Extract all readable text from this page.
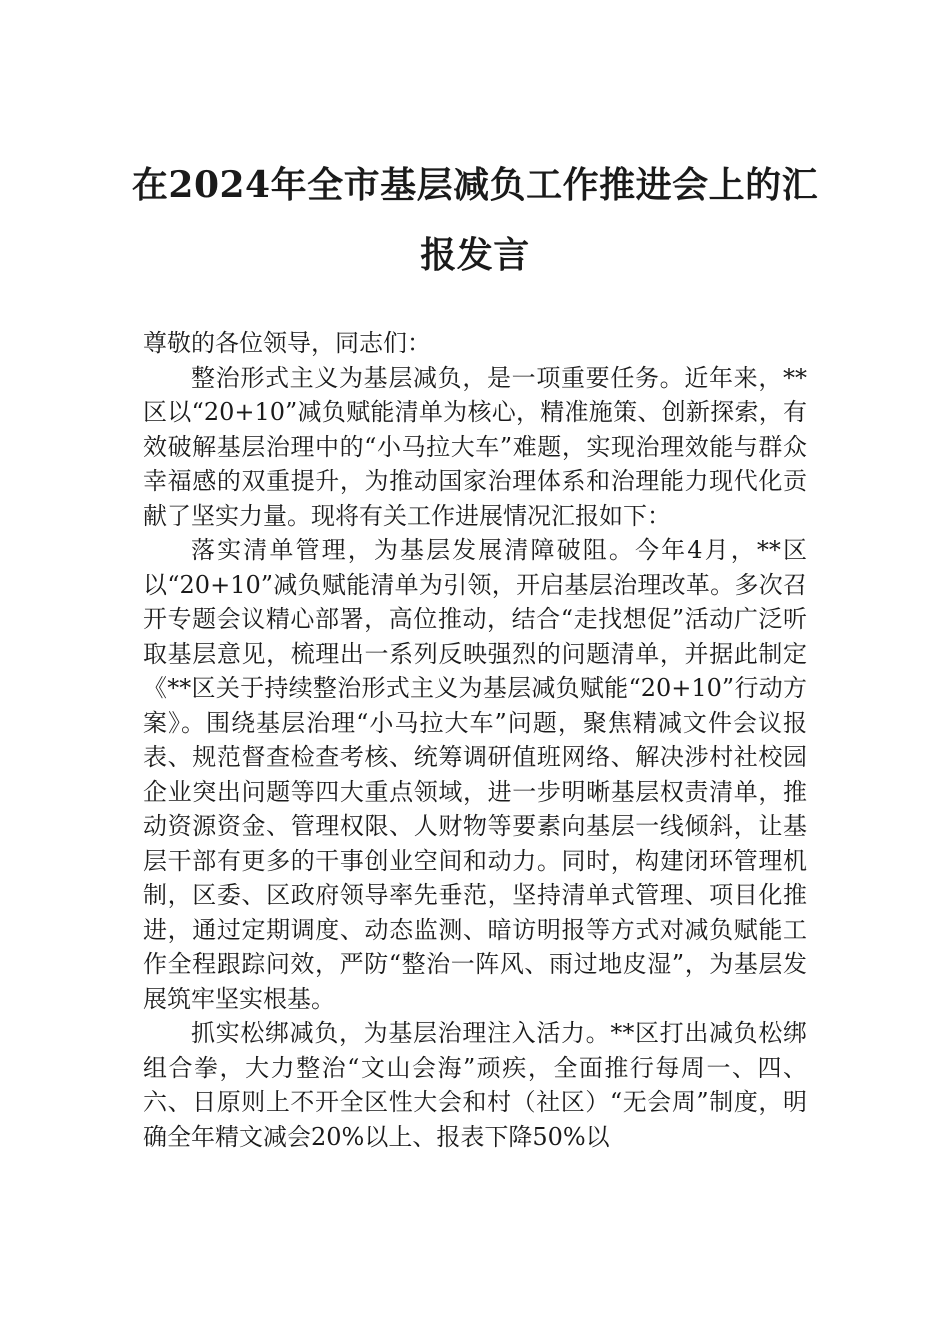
在2024年全市基层减负工作推进会上的汇
报发言

尊敬的各位领导，同志们：

整治形式主义为基层减负，是一项重要任务。近年来，**区以“20+10”减负赋能清单为核心，精准施策、创新探索，有效破解基层治理中的“小马拉大车”难题，实现治理效能与群众幸福感的双重提升，为推动国家治理体系和治理能力现代化贡献了坚实力量。现将有关工作进展情况汇报如下：

落实清单管理，为基层发展清障破阻。今年4月，**区以“20+10”减负赋能清单为引领，开启基层治理改革。多次召开专题会议精心部署，高位推动，结合“走找想促”活动广泛听取基层意见，梳理出一系列反映强烈的问题清单，并据此制定《**区关于持续整治形式主义为基层减负赋能“20+10”行动方案》。围绕基层治理“小马拉大车”问题，聚焦精减文件会议报表、规范督查检查考核、统筹调研值班网络、解决涉村社校园企业突出问题等四大重点领域，进一步明晰基层权责清单，推动资源资金、管理权限、人财物等要素向基层一线倾斜，让基层干部有更多的干事创业空间和动力。同时，构建闭环管理机制，区委、区政府领导率先垂范，坚持清单式管理、项目化推进，通过定期调度、动态监测、暗访明报等方式对减负赋能工作全程跟踪问效，严防“整治一阵风、雨过地皮湿”，为基层发展筑牢坚实根基。

抓实松绑减负，为基层治理注入活力。**区打出减负松绑组合拳，大力整治“文山会海”顽疾，全面推行每周一、四、六、日原则上不开全区性大会和村（社区）“无会周”制度，明确全年精文减会20%以上、报表下降50%以
